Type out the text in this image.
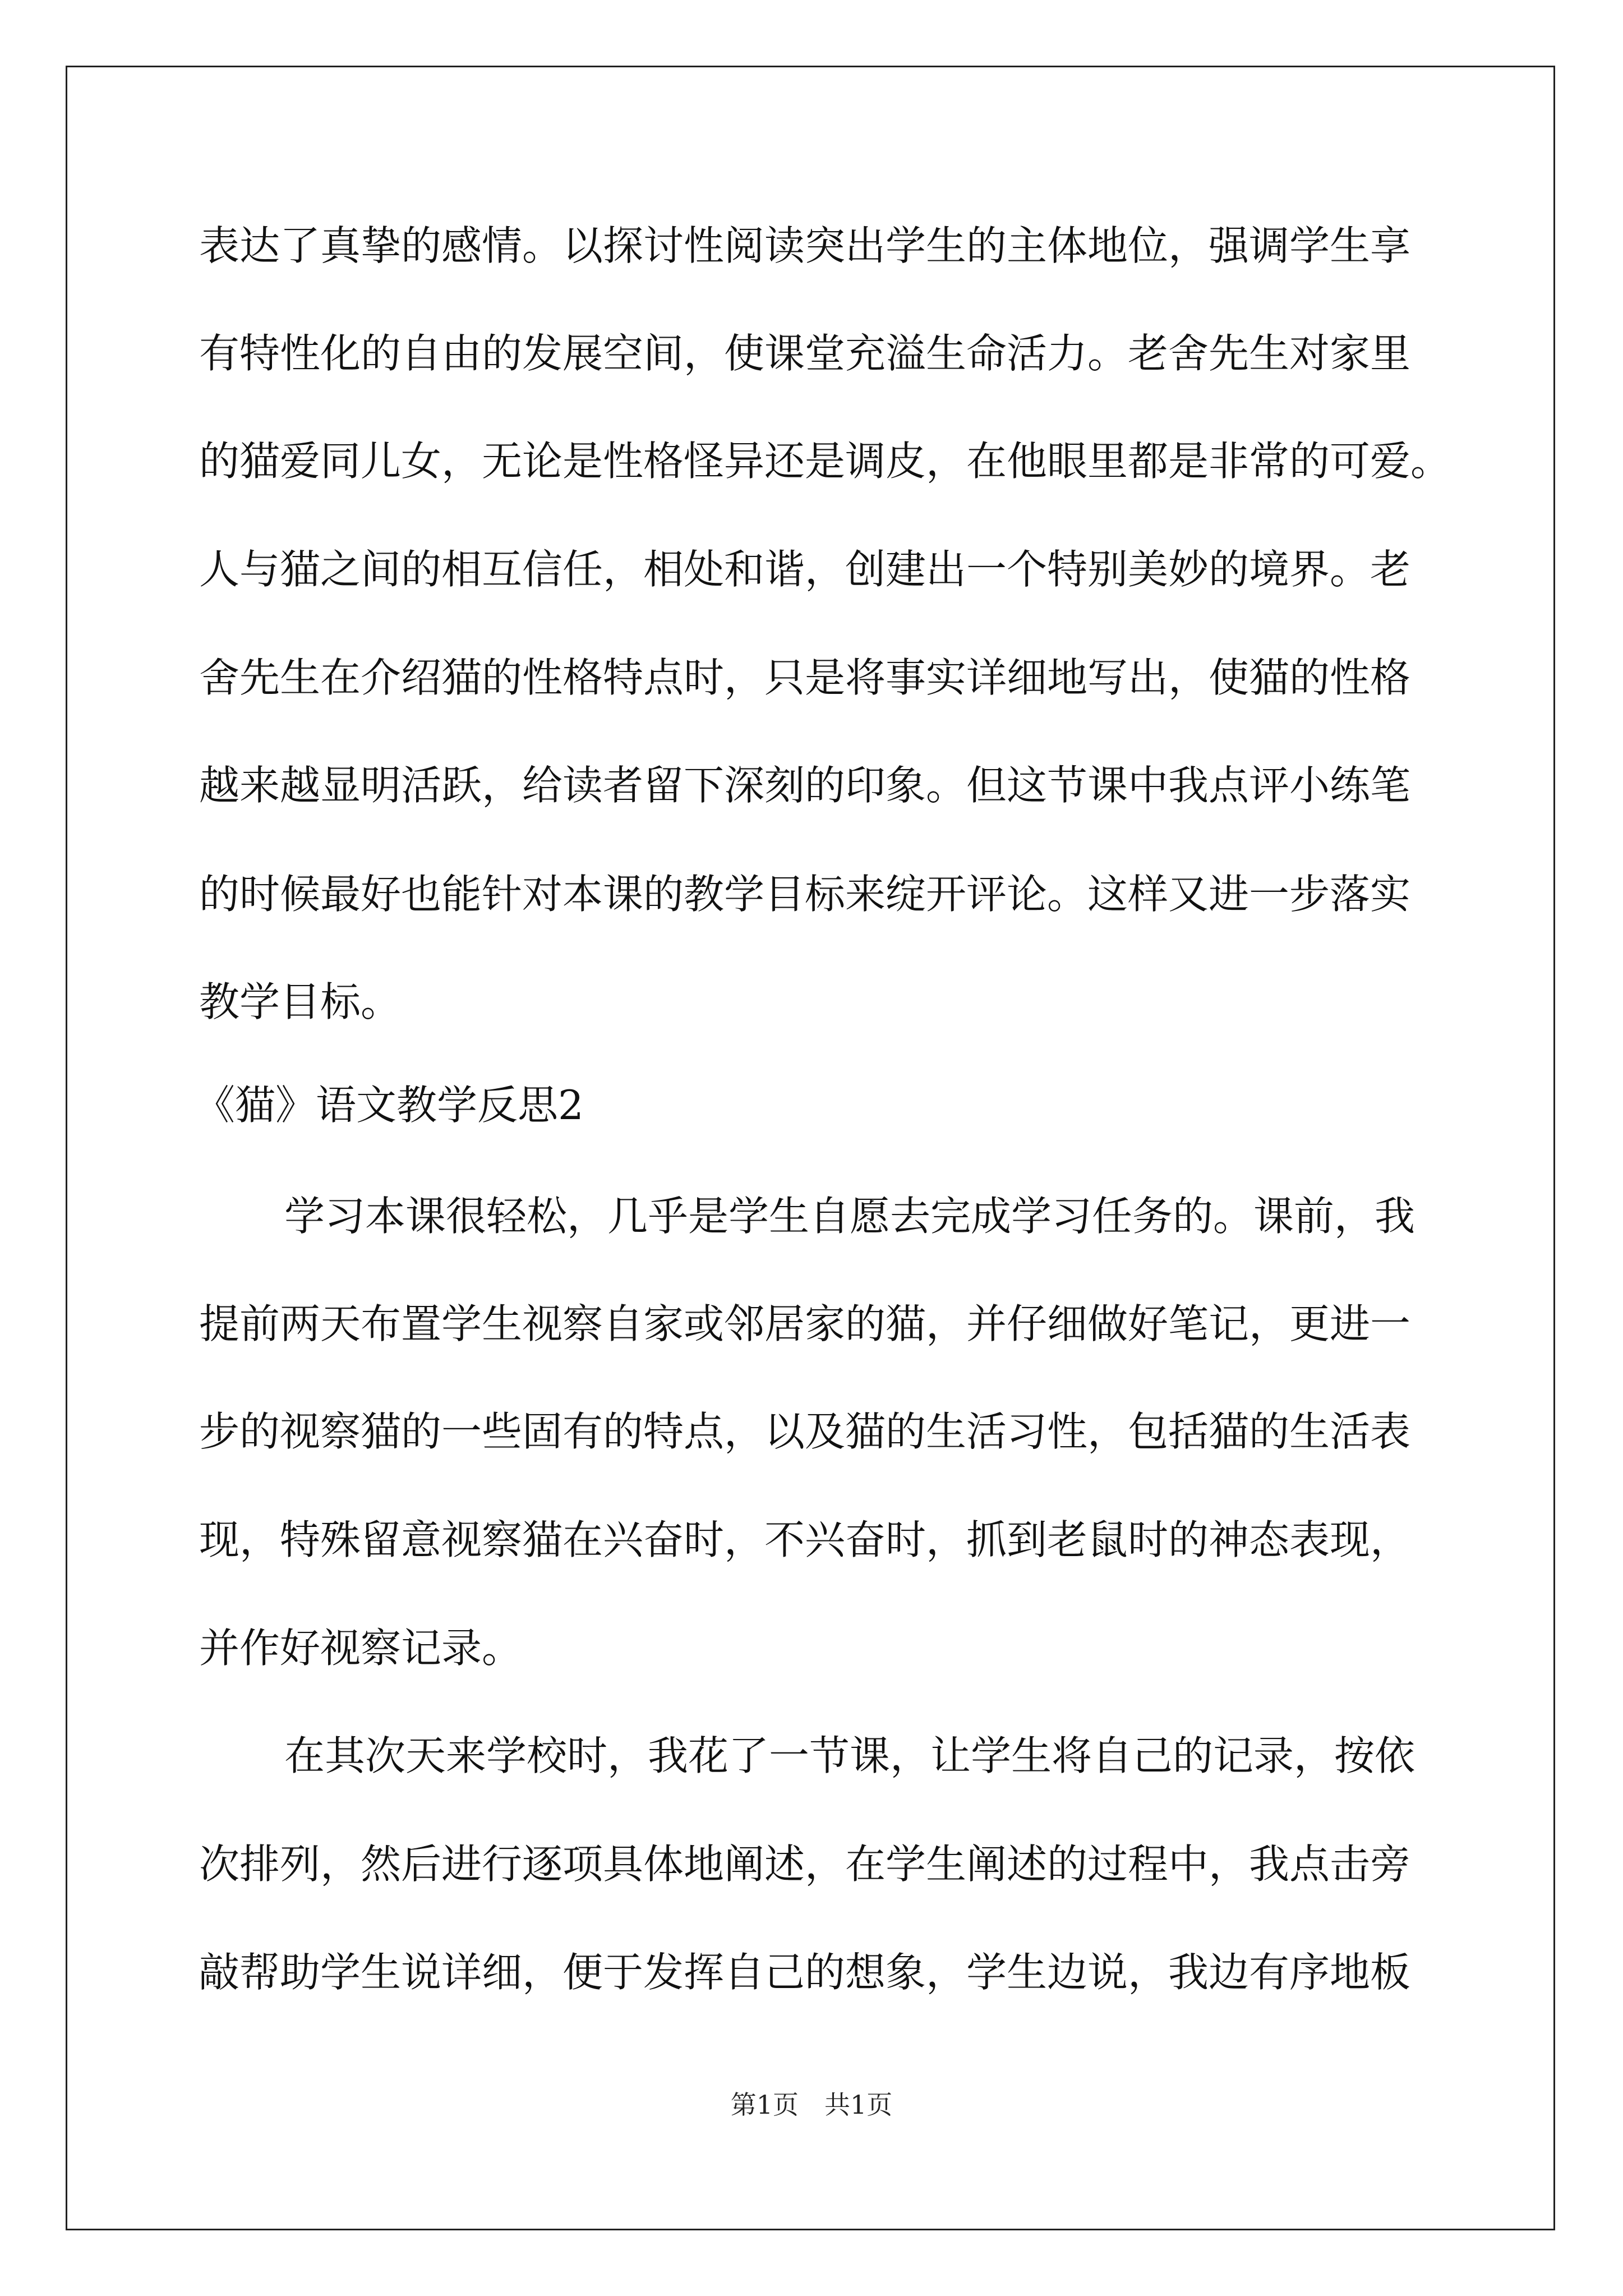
表达了真挚的感情。以探讨性阅读突出学生的主体地位，强调学生享
有特性化的自由的发展空间，使课堂充溢生命活力。老舍先生对家里
的猫爱同儿女，无论是性格怪异还是调皮，在他眼里都是非常的可爱。
人与猫之间的相互信任，相处和谐，创建出一个特别美妙的境界。老
舍先生在介绍猫的性格特点时，只是将事实详细地写出，使猫的性格
越来越显明活跃，给读者留下深刻的印象。但这节课中我点评小练笔
的时候最好也能针对本课的教学目标来绽开评论。这样又进一步落实
教学目标。
《猫》语文教学反思2
学习本课很轻松，几乎是学生自愿去完成学习任务的。课前，我
提前两天布置学生视察自家或邻居家的猫，并仔细做好笔记，更进一
步的视察猫的一些固有的特点，以及猫的生活习性，包括猫的生活表
现，特殊留意视察猫在兴奋时，不兴奋时，抓到老鼠时的神态表现，
并作好视察记录。
在其次天来学校时，我花了一节课，让学生将自己的记录，按依
次排列，然后进行逐项具体地阐述，在学生阐述的过程中，我点击旁
敲帮助学生说详细，便于发挥自己的想象，学生边说，我边有序地板
第1页　共1页
